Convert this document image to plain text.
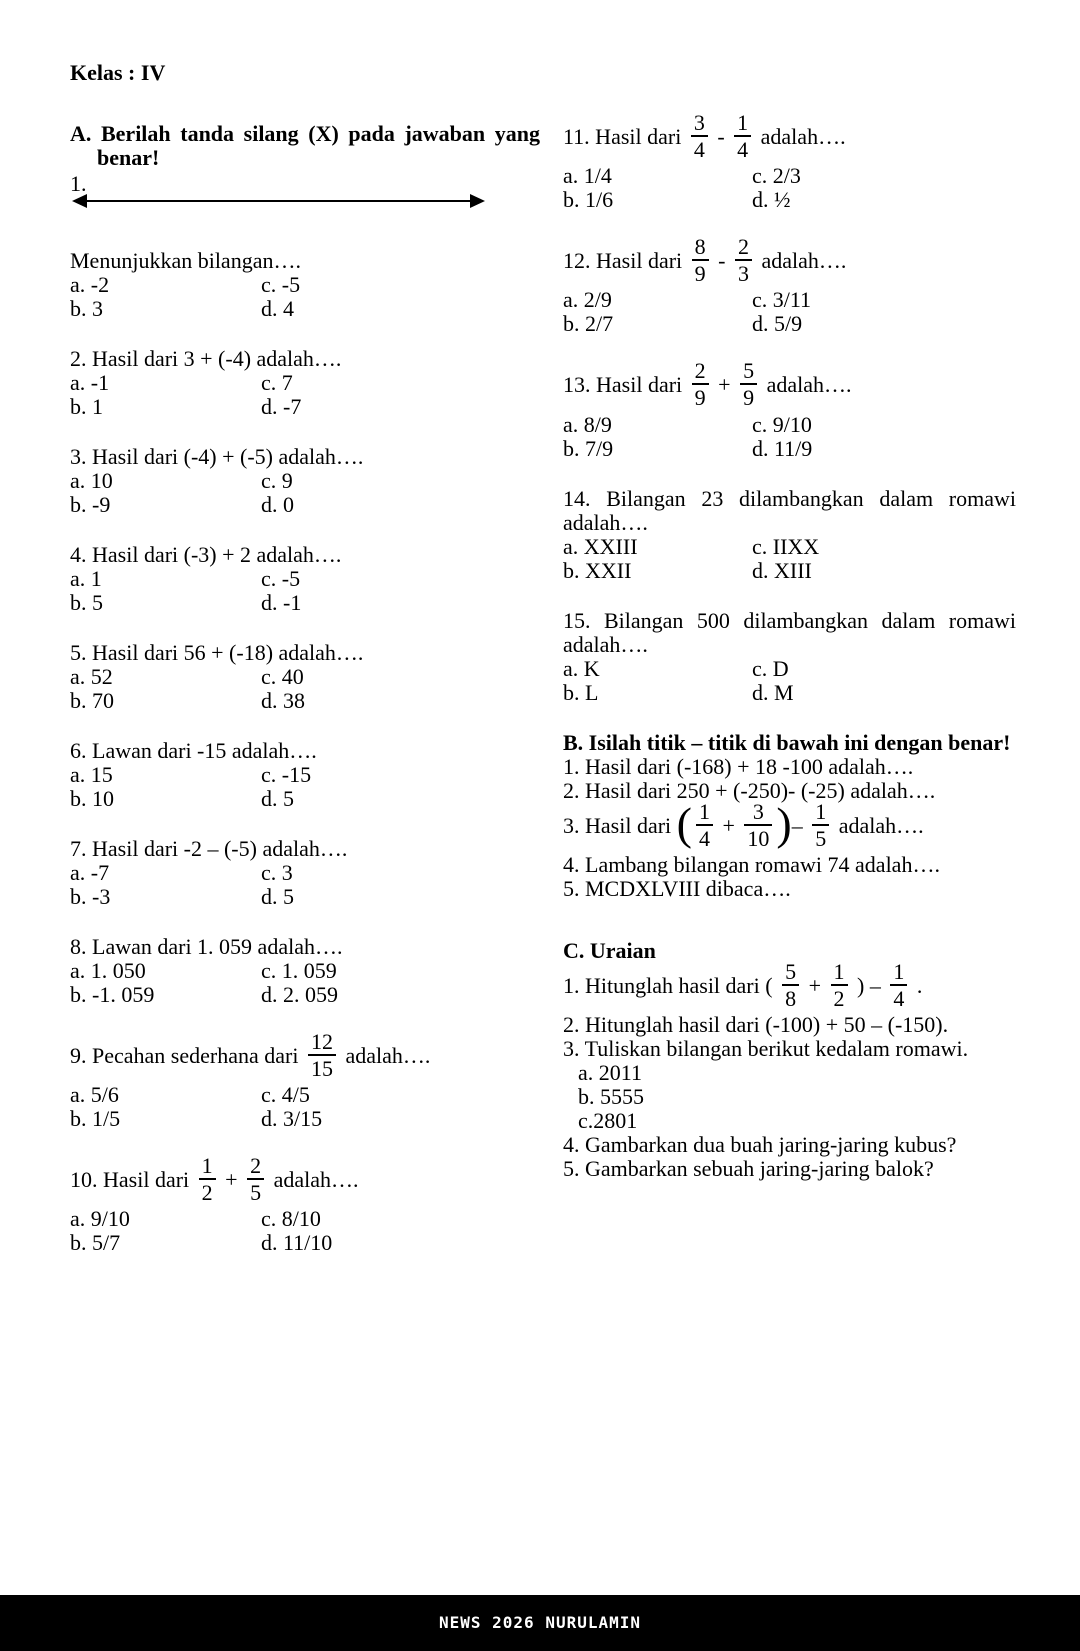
Kelas : IV
A. Berilah tanda silang (X) pada jawaban yang benar!
1.
Menunjukkan bilangan….
a. -2	c. -5
b. 3	d. 4
2. Hasil dari 3 + (-4) adalah….
a. -1	c. 7
b. 1	d. -7
3. Hasil dari (-4) + (-5) adalah….
a. 10	c. 9
b. -9	d. 0
4. Hasil dari (-3) + 2 adalah….
a. 1	c. -5
b. 5	d. -1
5. Hasil dari 56 + (-18) adalah….
a. 52	c. 40
b. 70	d. 38
6. Lawan dari -15 adalah….
a. 15	c. -15
b. 10	d. 5
7. Hasil dari -2 – (-5) adalah….
a. -7	c. 3
b. -3	d. 5
8. Lawan dari 1. 059 adalah….
a. 1. 050	c. 1. 059
b. -1. 059	d. 2. 059
9. Pecahan sederhana dari $\frac{12}{15}$ adalah….
a. 5/6	c. 4/5
b. 1/5	d. 3/15
10. Hasil dari $\frac{1}{2} + \frac{2}{5}$ adalah….
a. 9/10	c. 8/10
b. 5/7	d. 11/10
11. Hasil dari $\frac{3}{4} - \frac{1}{4}$ adalah….
a. 1/4	c. 2/3
b. 1/6	d. ½
12. Hasil dari $\frac{8}{9} - \frac{2}{3}$ adalah….
a. 2/9	c. 3/11
b. 2/7	d. 5/9
13. Hasil dari $\frac{2}{9} + \frac{5}{9}$ adalah….
a. 8/9	c. 9/10
b. 7/9	d. 11/9
14. Bilangan 23 dilambangkan dalam romawi adalah….
a. XXIII	c. IIXX
b. XXII	d. XIII
15. Bilangan 500 dilambangkan dalam romawi adalah….
a. K	c. D
b. L	d. M
B. Isilah titik – titik di bawah ini dengan benar!
1. Hasil dari (-168) + 18 -100 adalah….
2. Hasil dari 250 + (-250)- (-25) adalah….
3. Hasil dari ( $\frac{1}{4} + \frac{3}{10}$ )– $\frac{1}{5}$ adalah….
4. Lambang bilangan romawi 74 adalah….
5. MCDXLVIII dibaca….
C. Uraian
1. Hitunglah hasil dari ( $\frac{5}{8} + \frac{1}{2}$ ) – $\frac{1}{4}$ .
2. Hitunglah hasil dari (-100) + 50 – (-150).
3. Tuliskan bilangan berikut kedalam romawi.
a. 2011
b. 5555
c.2801
4. Gambarkan dua buah jaring-jaring kubus?
5. Gambarkan sebuah jaring-jaring balok?
NEWS 2026 NURULAMIN
